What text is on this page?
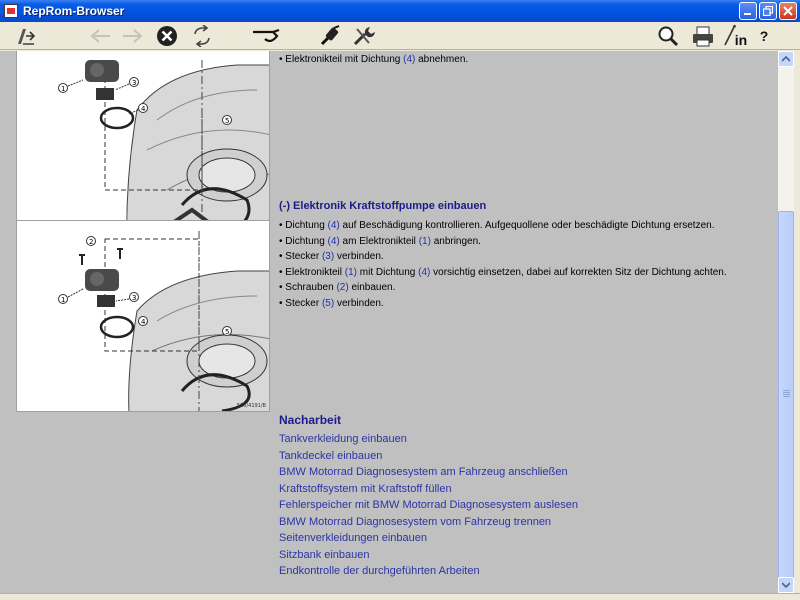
RepRom-Browser
in ?
1
3
4
5
2
1	3
4
5
526/4191/B
• Elektronikteil mit Dichtung (4) abnehmen.
(-) Elektronik Kraftstoffpumpe einbauen
• Dichtung (4) auf Beschädigung kontrollieren. Aufgequollene oder beschädigte Dichtung ersetzen.
• Dichtung (4) am Elektronikteil (1) anbringen.
• Stecker (3) verbinden.
• Elektronikteil (1) mit Dichtung (4) vorsichtig einsetzen, dabei auf korrekten Sitz der Dichtung achten.
• Schrauben (2) einbauen.
• Stecker (5) verbinden.
Nacharbeit
Tankverkleidung einbauen
Tankdeckel einbauen
BMW Motorrad Diagnosesystem am Fahrzeug anschließen
Kraftstoffsystem mit Kraftstoff füllen
Fehlerspeicher mit BMW Motorrad Diagnosesystem auslesen
BMW Motorrad Diagnosesystem vom Fahrzeug trennen
Seitenverkleidungen einbauen
Sitzbank einbauen
Endkontrolle der durchgeführten Arbeiten
